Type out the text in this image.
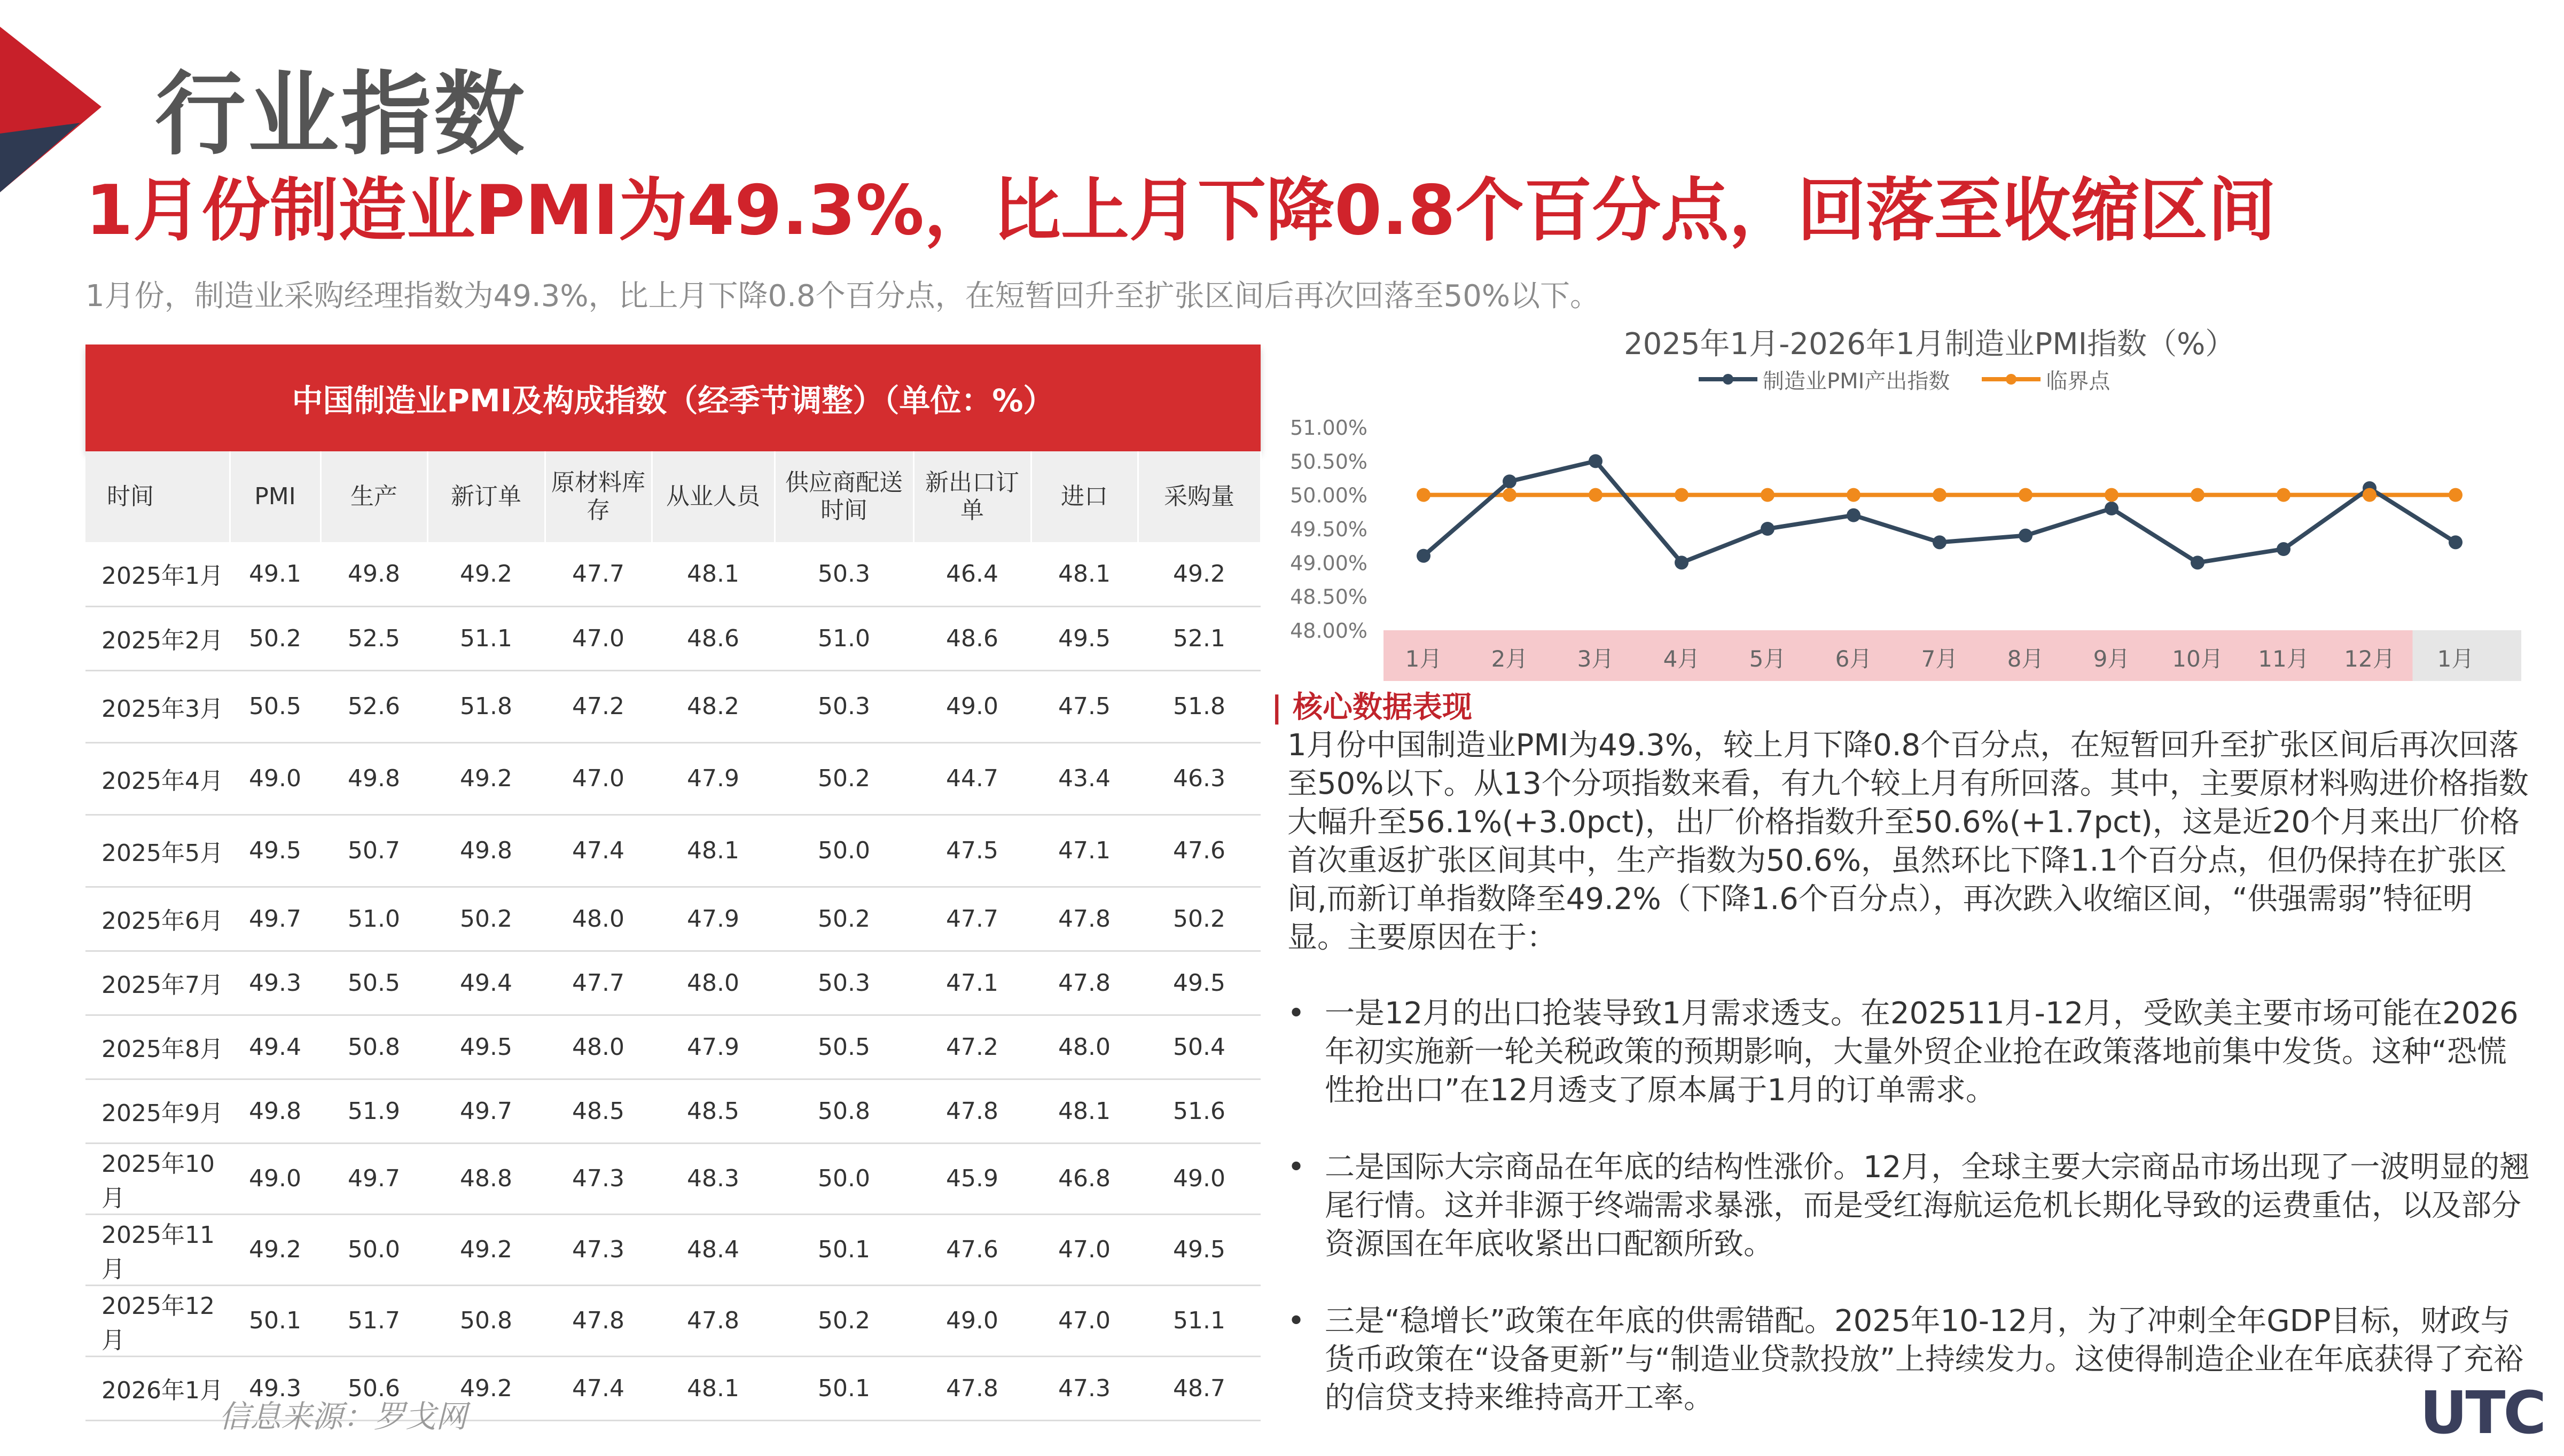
行业指数
1月份制造业PMI为49.3%，比上月下降0.8个百分点，回落至收缩区间
1月份，制造业采购经理指数为49.3%，比上月下降0.8个百分点，在短暂回升至扩张区间后再次回落至50%以下。
中国制造业PMI及构成指数（经季节调整）（单位：%）
时间	PMI	生产	新订单	原材料库存	从业人员	供应商配送时间	新出口订单	进口	采购量
2025年1月	49.1	49.8	49.2	47.7	48.1	50.3	46.4	48.1	49.2
2025年2月	50.2	52.5	51.1	47.0	48.6	51.0	48.6	49.5	52.1
2025年3月	50.5	52.6	51.8	47.2	48.2	50.3	49.0	47.5	51.8
2025年4月	49.0	49.8	49.2	47.0	47.9	50.2	44.7	43.4	46.3
2025年5月	49.5	50.7	49.8	47.4	48.1	50.0	47.5	47.1	47.6
2025年6月	49.7	51.0	50.2	48.0	47.9	50.2	47.7	47.8	50.2
2025年7月	49.3	50.5	49.4	47.7	48.0	50.3	47.1	47.8	49.5
2025年8月	49.4	50.8	49.5	48.0	47.9	50.5	47.2	48.0	50.4
2025年9月	49.8	51.9	49.7	48.5	48.5	50.8	47.8	48.1	51.6
2025年10月	49.0	49.7	48.8	47.3	48.3	50.0	45.9	46.8	49.0
2025年11月	49.2	50.0	49.2	47.3	48.4	50.1	47.6	47.0	49.5
2025年12月	50.1	51.7	50.8	47.8	47.8	50.2	49.0	47.0	51.1
2026年1月	49.3	50.6	49.2	47.4	48.1	50.1	47.8	47.3	48.7
信息来源：罗戈网
2025年1月-2026年1月制造业PMI指数（%）
制造业PMI产出指数	临界点
51.00%
50.50%
50.00%
49.50%
49.00%
48.50%
48.00%
1月 2月 3月 4月 5月 6月 7月 8月 9月 10月 11月 12月 1月
| 核心数据表现

1月份中国制造业PMI为49.3%，较上月下降0.8个百分点，在短暂回升至扩张区间后再次回落至50%以下。从13个分项指数来看，有九个较上月有所回落。其中，主要原材料购进价格指数大幅升至56.1%(+3.0pct)，出厂价格指数升至50.6%(+1.7pct)，这是近20个月来出厂价格首次重返扩张区间其中，生产指数为50.6%，虽然环比下降1.1个百分点，但仍保持在扩张区间,而新订单指数降至49.2%（下降1.6个百分点），再次跌入收缩区间，“供强需弱”特征明显。主要原因在于：

• 一是12月的出口抢装导致1月需求透支。在202511月-12月，受欧美主要市场可能在2026年初实施新一轮关税政策的预期影响，大量外贸企业抢在政策落地前集中发货。这种“恐慌性抢出口”在12月透支了原本属于1月的订单需求。
• 二是国际大宗商品在年底的结构性涨价。12月，全球主要大宗商品市场出现了一波明显的翘尾行情。这并非源于终端需求暴涨，而是受红海航运危机长期化导致的运费重估，以及部分资源国在年底收紧出口配额所致。
• 三是“稳增长”政策在年底的供需错配。2025年10-12月，为了冲刺全年GDP目标，财政与货币政策在“设备更新”与“制造业贷款投放”上持续发力。这使得制造企业在年底获得了充裕的信贷支持来维持高开工率。	UTC
